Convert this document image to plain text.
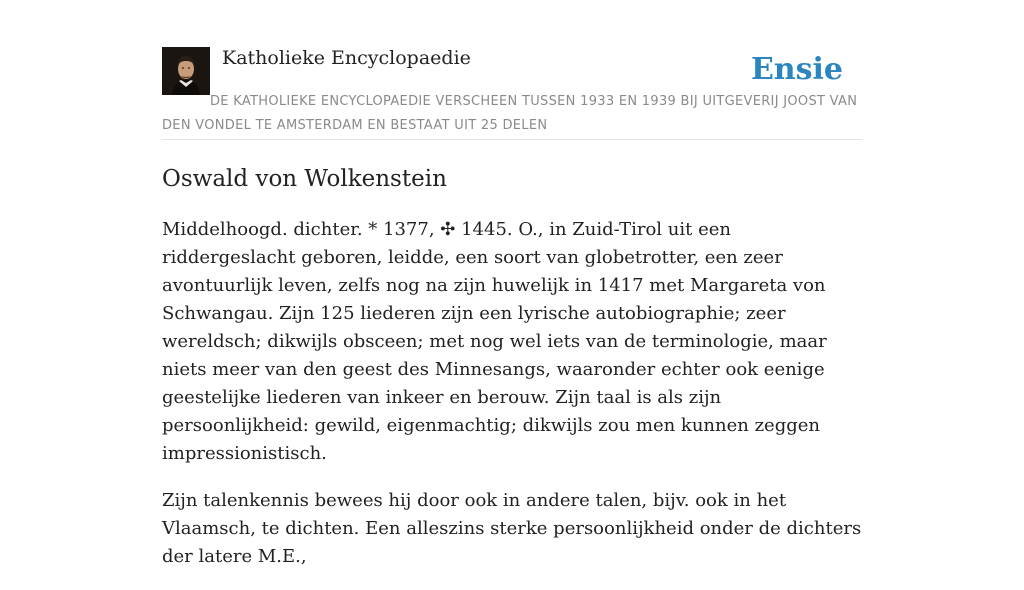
Katholieke Encyclopaedie	Ensie

DE KATHOLIEKE ENCYCLOPAEDIE VERSCHEEN TUSSEN 1933 EN 1939 BIJ UITGEVERIJ JOOST VAN DEN VONDEL TE AMSTERDAM EN BESTAAT UIT 25 DELEN

Oswald von Wolkenstein

Middelhoogd. dichter. * 1377, ✣ 1445. O., in Zuid-Tirol uit een riddergeslacht geboren, leidde, een soort van globetrotter, een zeer avontuurlijk leven, zelfs nog na zijn huwelijk in 1417 met Margareta von Schwangau. Zijn 125 liederen zijn een lyrische autobiographie; zeer wereldsch; dikwijls obsceen; met nog wel iets van de terminologie, maar niets meer van den geest des Minnesangs, waaronder echter ook eenige geestelijke liederen van inkeer en berouw. Zijn taal is als zijn persoonlijkheid: gewild, eigenmachtig; dikwijls zou men kunnen zeggen impressionistisch.

Zijn talenkennis bewees hij door ook in andere talen, bijv. ook in het Vlaamsch, te dichten. Een alleszins sterke persoonlijkheid onder de dichters der latere M.E.,
